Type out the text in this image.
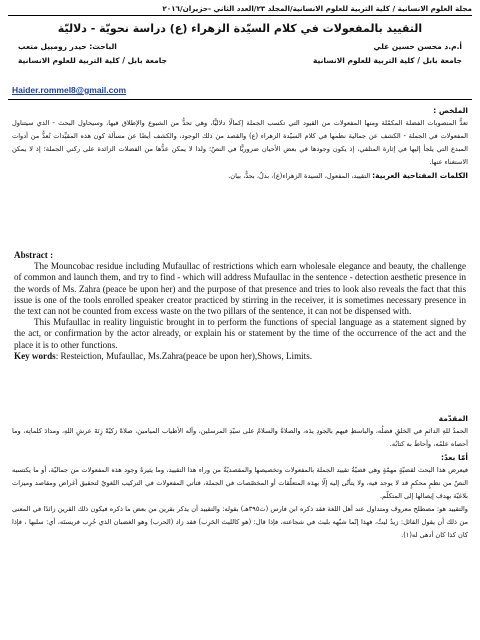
مجلة العلوم الانسانية / كلية التربية للعلوم الانسانية/المجلد ٢٣/العدد الثاني -حزيران/٢٠١٦
التقييد بالمفعولات في كلام السيّدة الزهراء (ع) دراسة نحويّة - دلاليّة
أ.م.د محسن حسين علي
الباحث: حيدر رومبيل متعب
جامعة بابل / كلية التربية للعلوم الانسانية
جامعة بابل / كلية التربية للعلوم الانسانية
Haider.rommel8@gmail.com
الملخص :
تعدُّ المنصوبات الفضلة المكمّلة ومنها المفعولات من القيود التي تكسب الجملة إكمالًا دلاليًّا، وهي تحدُّ من الشيوع والإطلاق فيها، وسيحاول البحث - الذي سيتناول المفعولات في الجملة - الكشف عن جمالية نظمها في كلام السيّدة الزهراء (ع) والقصد من ذلك الوجود، والكشف أيضًا عن مسألة كون هذه المقيِّدات تُعدُّ من أدوات المبدع التي يلجأ إليها في إثارة المتلقي، إذ يكون وجودها في بعض الأحيان ضروريًّا في النصّ؛ ولذا لا يمكن عدُّها من الفضلات الزائدة على ركني الجملة؛ إذ لا يمكن الاستغناء عنها.
الكلمات المفتاحية العربية: التقييد، المفعول، السيدة الزهراء(ع)، بدلٌ، بحدٌّ، بيان.
Abstract :
The Mouncobac residue including Mufaullac of restrictions which earn wholesale elegance and beauty, the challenge of common and launch them, and try to find - which will address Mufaullac in the sentence - detection aesthetic presence in the words of Ms. Zahra (peace be upon her) and the purpose of that presence and tries to look also reveals the fact that this issue is one of the tools enrolled speaker creator practiced by stirring in the receiver, it is sometimes necessary presence in the text can not be counted from excess waste on the two pillars of the sentence, it can not be dispensed with.
This Mufaullac in reality linguistic brought in to perform the functions of special language as a statement signed by the act, or confirmation by the actor already, or explain his or statement by the time of the occurrence of the act and the place it is to other functions.
Key words: Resteiction, Mufaullac, Ms.Zahra(peace be upon her),Shows, Limits.
المقدّمة
الحمدُ للهِ الدائمِ في الخلقِ فضلُه، والباسطِ فيهم بالجودِ يدَه، والصلاةُ والسلامُ على سيّدِ المرسلين، وآله الأطياب الميامين، صلاةً زكيّةً زِنَةَ عرشِ اللهِ، ومدادَ كلماتِه، وما أحصاه علمُه، وأحاطَ به كتابُه.
أمّا بعدُ:
فيعرض هذا البحث لقضيّةٍ مهمّةٍ وهي قضيّةُ تقييد الجملة بالمفعولات وتخصيصها والمقصديّةُ من وراء هذا التقييد، وما يثيرهُ وجود هذه المفعولات من جماليّة، أو ما يكتسبه النصّ من نظمٍ محكمٍ قد لا يوجد فيه، ولا يتأتّى إليه إلّا بهذه المتعلّقات أو المخصّصات في الجملة، فتأتي المفعولات في التركيب اللغويّ لتحقيق أغراض ومقاصد وميزات بلاغيّة بهدف إيصالها إلى المتكلّم.
والتقييد هو: مصطلح معروف ومتداول عند أهل اللغة فقد ذكره ابن فارس (ت٣٩٥هـ) بقوله: والتقييد أن يذكر بقرين من بعض ما ذكره فيكون ذلك القرين زائدًا في المعنى من ذلك أن يقول القائل: زيدٌ ليثٌ، فهذا إنّما شبّهه بليث في شجاعته، فإذا قال: (هو كالليث الحَرِب) فقد زاد (الحرب) وهو الغضبان الذي حُرِب فريستَه، أي: سلبها ، فإذا كان كذا كان أدهى له(١).
